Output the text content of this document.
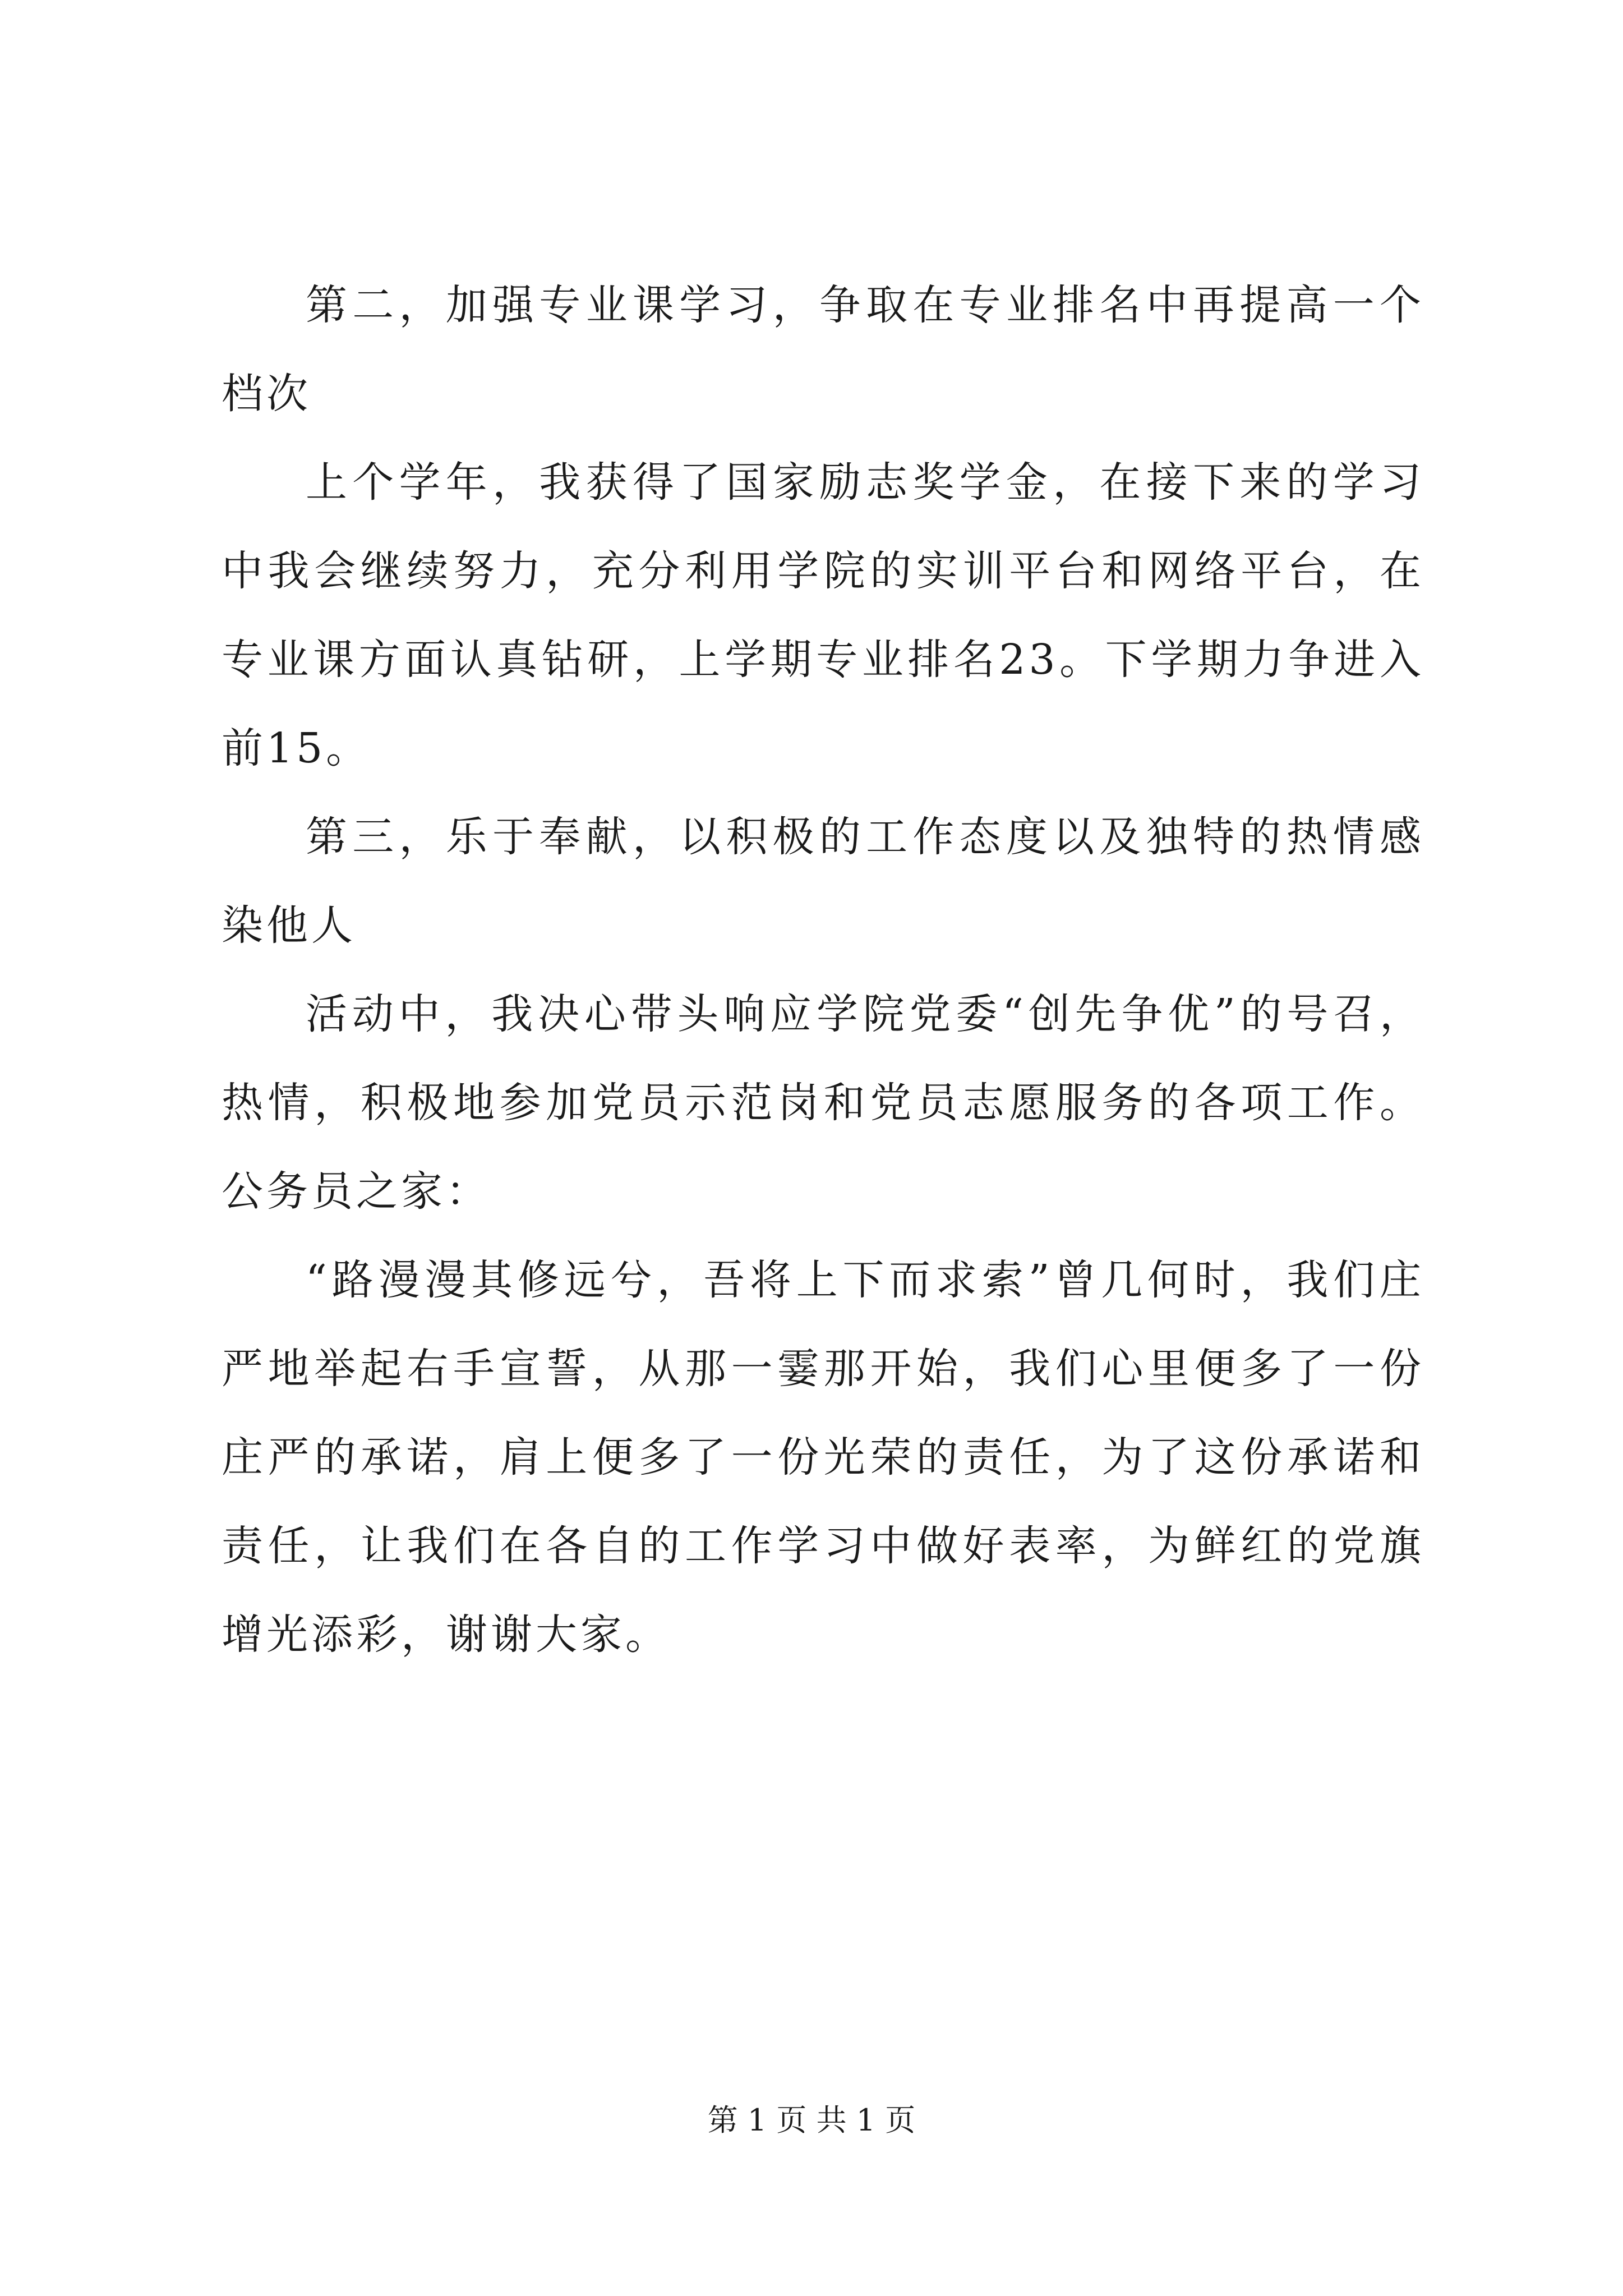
第二，加强专业课学习，争取在专业排名中再提高一个档次

上个学年，我获得了国家励志奖学金，在接下来的学习中我会继续努力，充分利用学院的实训平台和网络平台，在专业课方面认真钻研，上学期专业排名23。下学期力争进入前15。

第三，乐于奉献，以积极的工作态度以及独特的热情感染他人

活动中，我决心带头响应学院党委“创先争优”的号召，热情，积极地参加党员示范岗和党员志愿服务的各项工作。公务员之家：

“路漫漫其修远兮，吾将上下而求索”曾几何时，我们庄严地举起右手宣誓，从那一霎那开始，我们心里便多了一份庄严的承诺，肩上便多了一份光荣的责任，为了这份承诺和责任，让我们在各自的工作学习中做好表率，为鲜红的党旗增光添彩，谢谢大家。

第 1 页 共 1 页
